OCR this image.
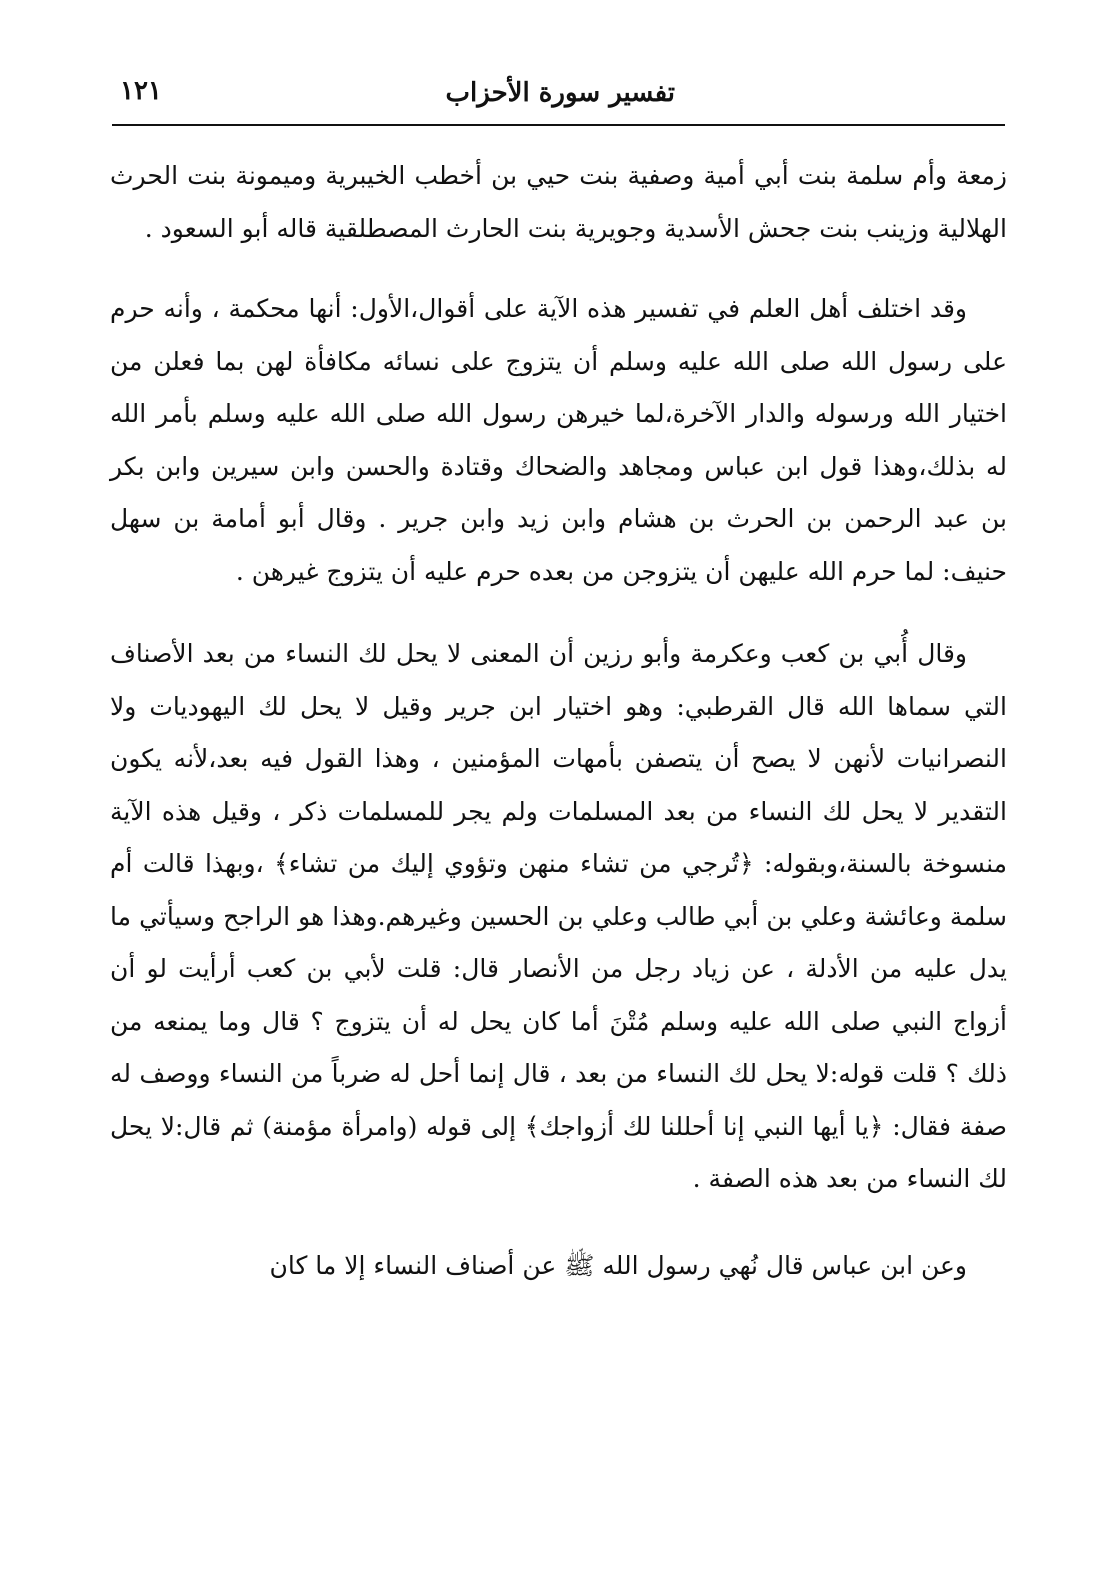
١٢١	تفسير سورة الأحزاب

زمعة وأم سلمة بنت أبي أمية وصفية بنت حيي بن أخطب الخيبرية وميمونة بنت الحرث الهلالية وزينب بنت جحش الأسدية وجويرية بنت الحارث المصطلقية قاله أبو السعود .

وقد اختلف أهل العلم في تفسير هذه الآية على أقوال،الأول: أنها محكمة ، وأنه حرم على رسول الله صلى الله عليه وسلم أن يتزوج على نسائه مكافأة لهن بما فعلن من اختيار الله ورسوله والدار الآخرة،لما خيرهن رسول الله صلى الله عليه وسلم بأمر الله له بذلك،وهذا قول ابن عباس ومجاهد والضحاك وقتادة والحسن وابن سيرين وابن بكر بن عبد الرحمن بن الحرث بن هشام وابن زيد وابن جرير . وقال أبو أمامة بن سهل حنيف: لما حرم الله عليهن أن يتزوجن من بعده حرم عليه أن يتزوج غيرهن .

وقال أُبي بن كعب وعكرمة وأبو رزين أن المعنى لا يحل لك النساء من بعد الأصناف التي سماها الله قال القرطبي: وهو اختيار ابن جرير وقيل لا يحل لك اليهوديات ولا النصرانيات لأنهن لا يصح أن يتصفن بأمهات المؤمنين ، وهذا القول فيه بعد،لأنه يكون التقدير لا يحل لك النساء من بعد المسلمات ولم يجر للمسلمات ذكر ، وقيل هذه الآية منسوخة بالسنة،وبقوله: ﴿تُرجي من تشاء منهن وتؤوي إليك من تشاء﴾ ،وبهذا قالت أم سلمة وعائشة وعلي بن أبي طالب وعلي بن الحسين وغيرهم.وهذا هو الراجح وسيأتي ما يدل عليه من الأدلة ، عن زياد رجل من الأنصار قال: قلت لأبي بن كعب أرأيت لو أن أزواج النبي صلى الله عليه وسلم مُتْنَ أما كان يحل له أن يتزوج ؟ قال وما يمنعه من ذلك ؟ قلت قوله:لا يحل لك النساء من بعد ، قال إنما أحل له ضرباً من النساء ووصف له صفة فقال: ﴿يا أيها النبي إنا أحللنا لك أزواجك﴾ إلى قوله (وامرأة مؤمنة) ثم قال:لا يحل لك النساء من بعد هذه الصفة .

وعن ابن عباس قال نُهي رسول الله ﷺ عن أصناف النساء إلا ما كان
